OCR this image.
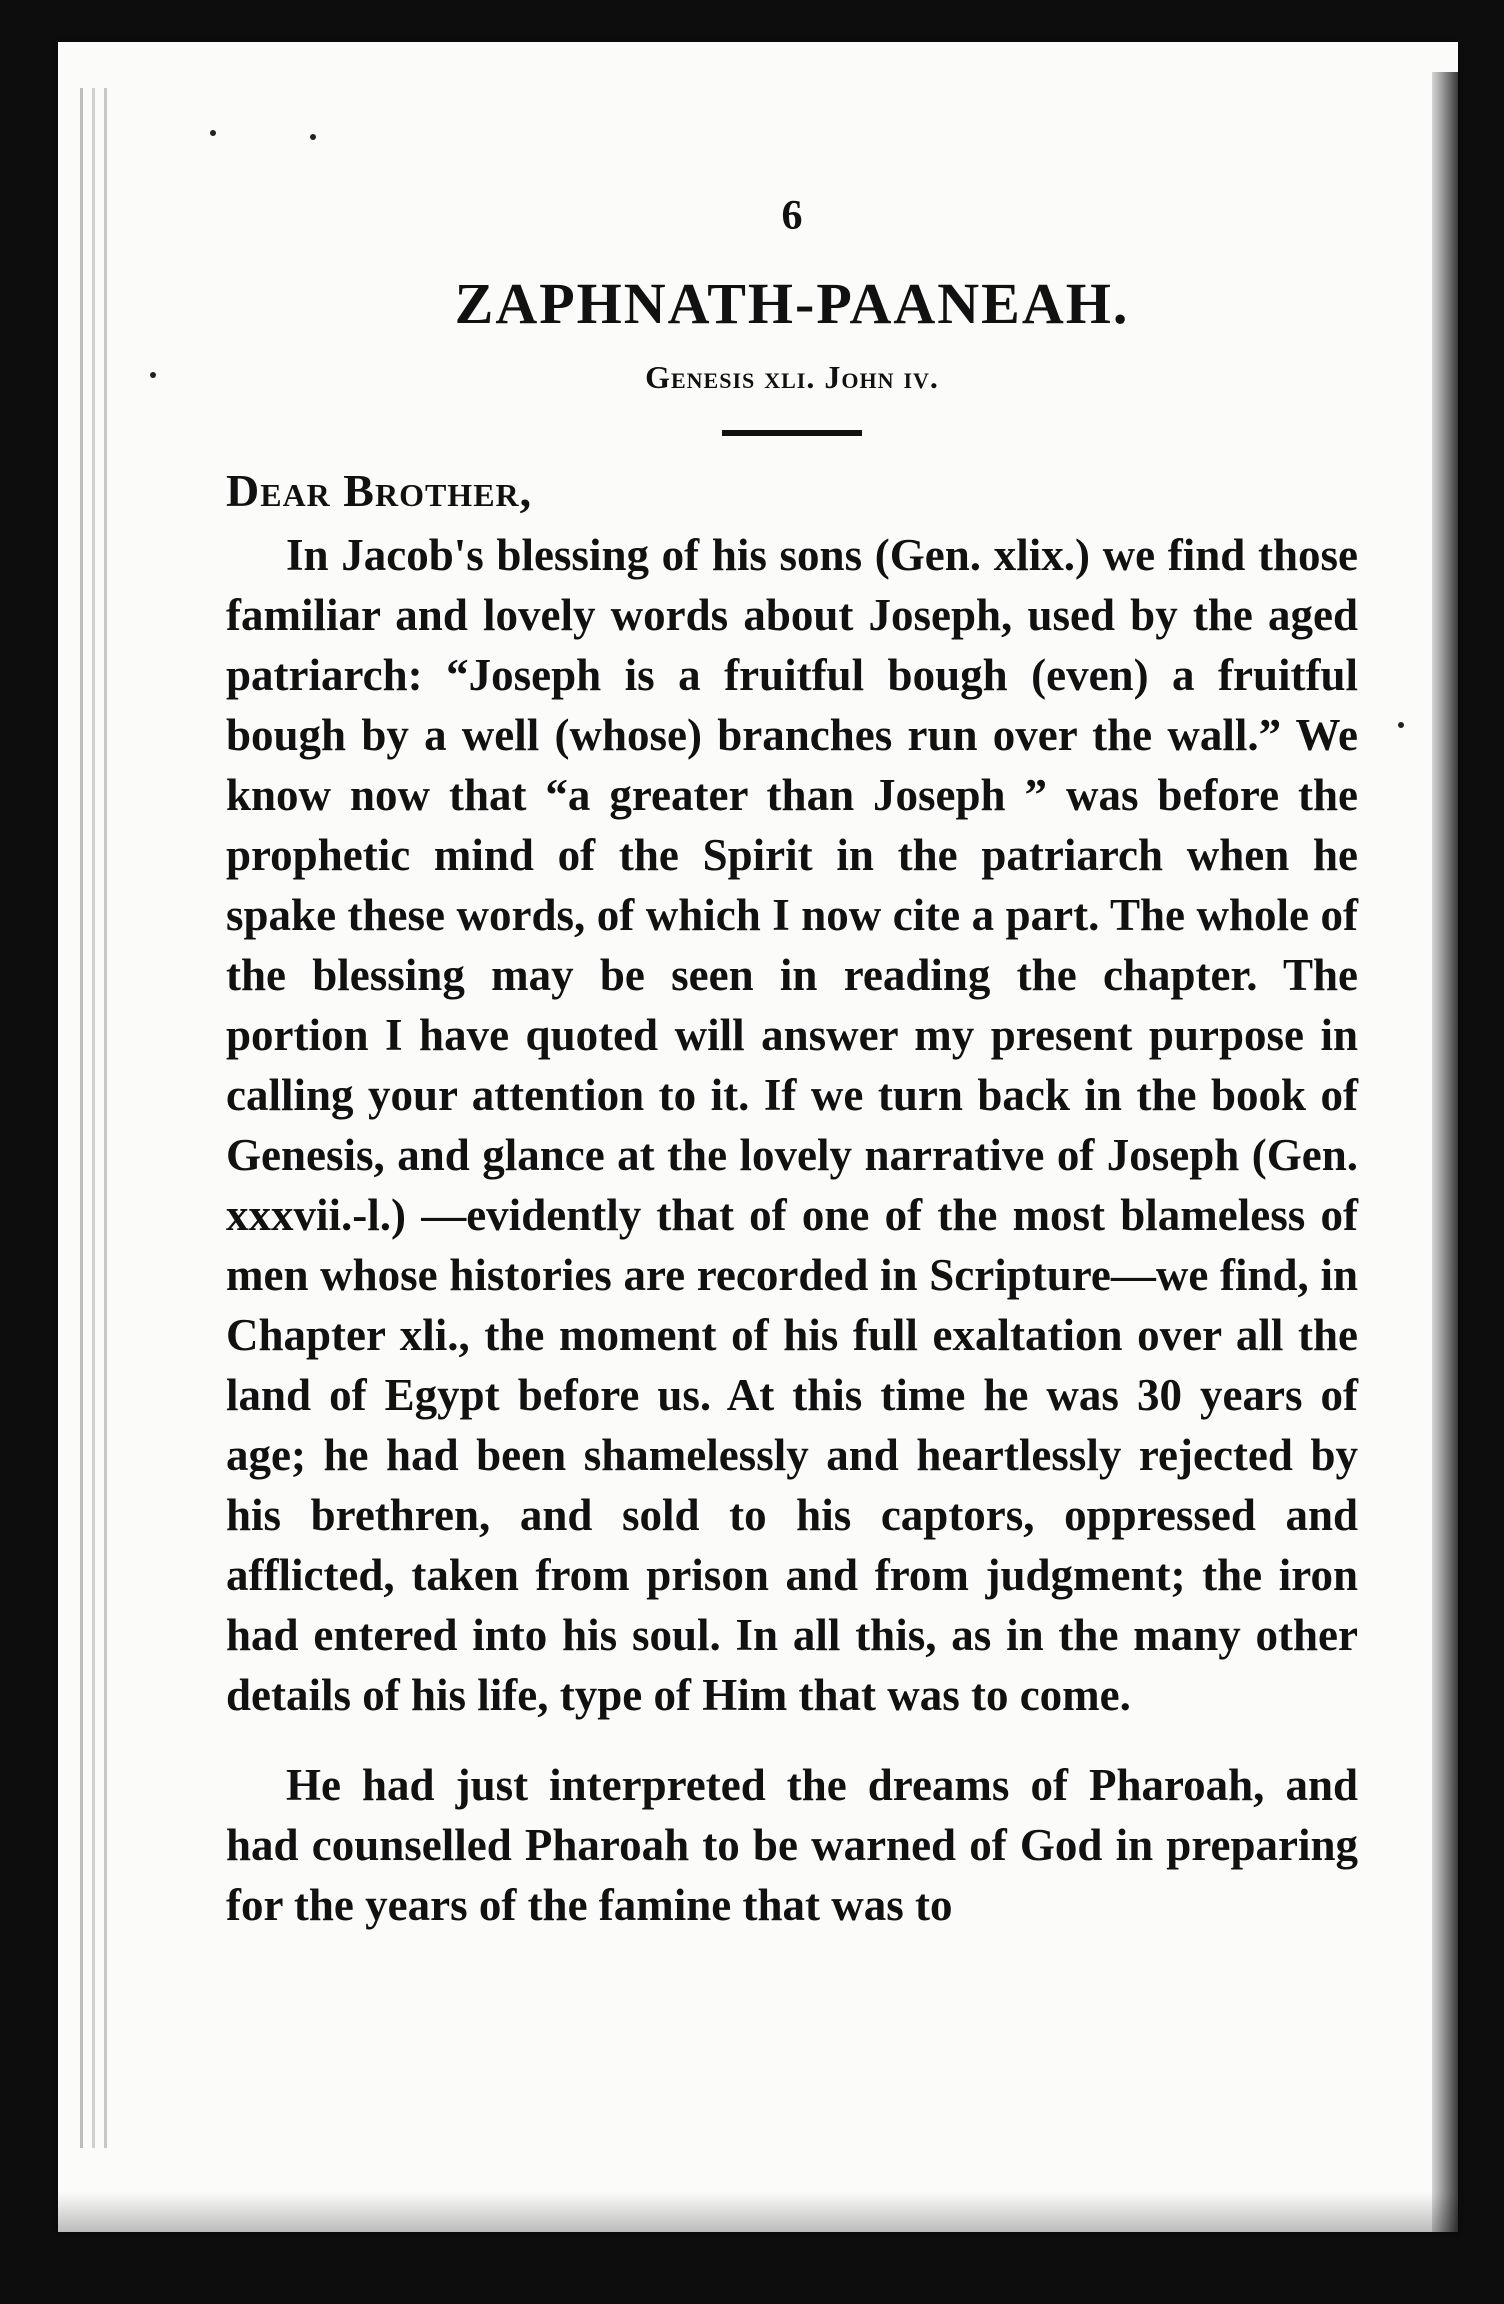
6
ZAPHNATH-PAANEAH.
Genesis xli. John iv.
Dear Brother,

In Jacob's blessing of his sons (Gen. xlix.) we find those familiar and lovely words about Joseph, used by the aged patriarch: “Joseph is a fruitful bough (even) a fruitful bough by a well (whose) branches run over the wall.” We know now that “a greater than Joseph ” was before the prophetic mind of the Spirit in the patriarch when he spake these words, of which I now cite a part. The whole of the blessing may be seen in reading the chapter. The portion I have quoted will answer my present purpose in calling your attention to it. If we turn back in the book of Genesis, and glance at the lovely narrative of Joseph (Gen. xxxvii.-l.) —evidently that of one of the most blameless of men whose histories are recorded in Scripture—we find, in Chapter xli., the moment of his full exaltation over all the land of Egypt before us. At this time he was 30 years of age; he had been shamelessly and heartlessly rejected by his brethren, and sold to his captors, oppressed and afflicted, taken from prison and from judgment; the iron had entered into his soul. In all this, as in the many other details of his life, type of Him that was to come.

He had just interpreted the dreams of Pharoah, and had counselled Pharoah to be warned of God in preparing for the years of the famine that was to
